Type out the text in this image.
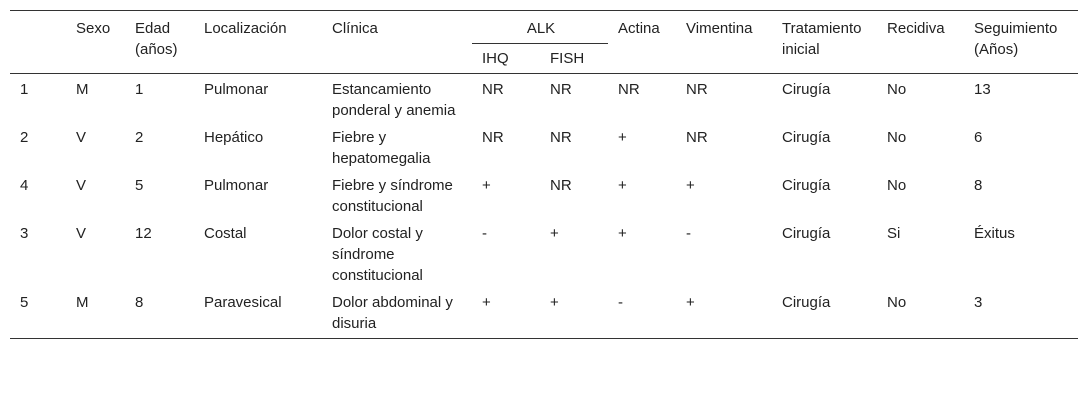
	Sexo	Edad (años)	Localización	Clínica	ALK		Actina	Vimentina	Tratamiento inicial	Recidiva	Seguimiento (Años)
					IHQ	FISH					
1	M	1	Pulmonar	Estancamiento ponderal y anemia	NR	NR	NR	NR	Cirugía	No	13
2	V	2	Hepático	Fiebre y hepatomegalia	NR	NR	+	NR	Cirugía	No	6
4	V	5	Pulmonar	Fiebre y síndrome constitucional	+	NR	+	+	Cirugía	No	8
3	V	12	Costal	Dolor costal y síndrome constitucional	-	+	+	-	Cirugía	Si	Éxitus
5	M	8	Paravesical	Dolor abdominal y disuria	+	+	-	+	Cirugía	No	3
